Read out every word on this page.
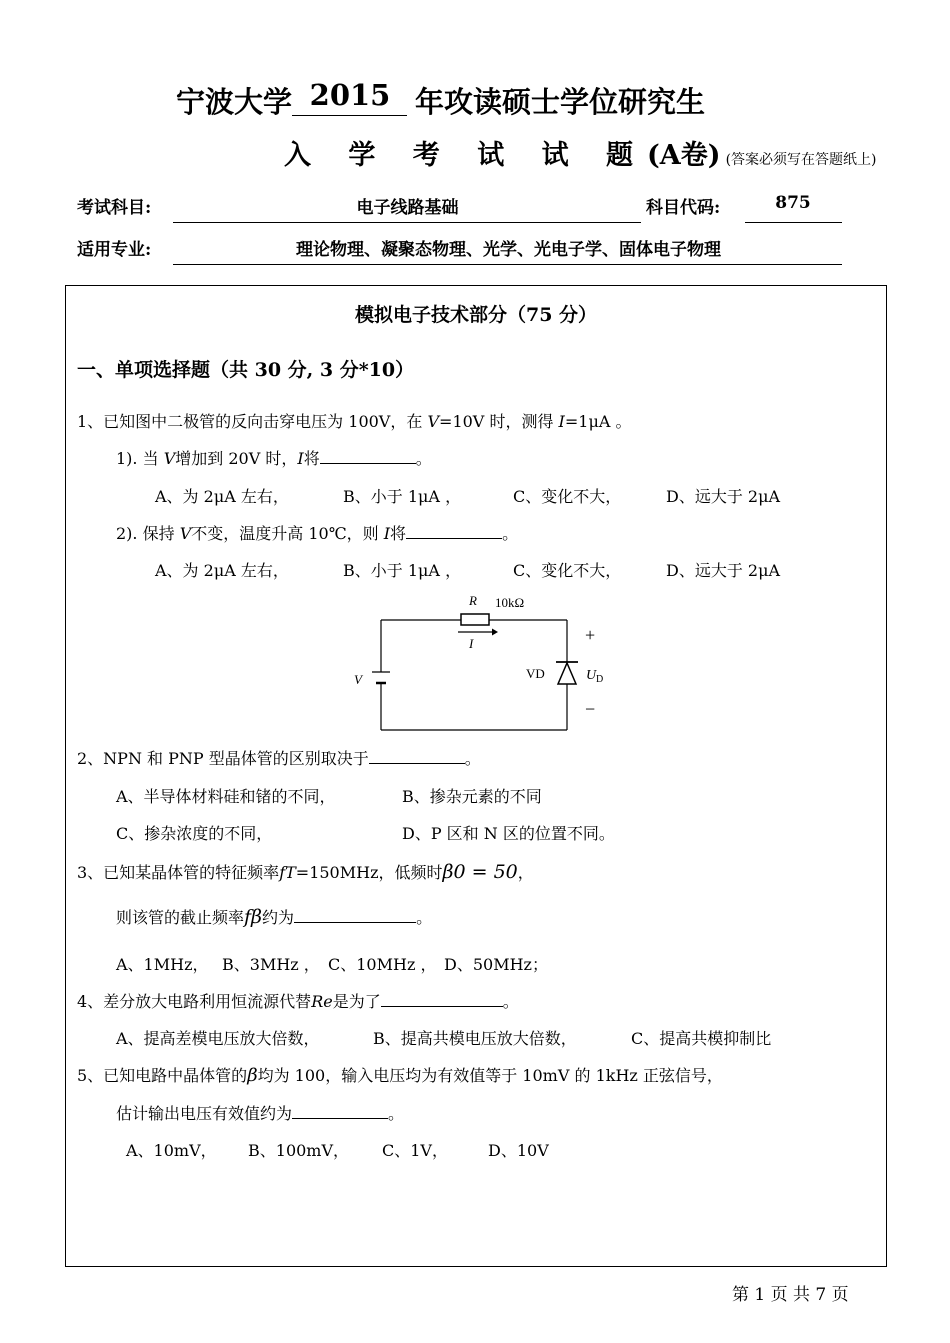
宁波大学 2015 年攻读硕士学位研究生
入 学 考 试 试 题(A卷) (答案必须写在答题纸上)
考试科目:	电子线路基础	科目代码:	875
适用专业:	理论物理、凝聚态物理、光学、光电子学、固体电子物理
模拟电子技术部分（75 分）
一、单项选择题（共 30 分, 3 分*10）
1、已知图中二极管的反向击穿电压为 100V，在 V=10V 时，测得 I=1μA 。
1). 当 V增加到 20V 时，I将	。
A、为 2μA 左右，	B、小于 1μA ，	C、变化不大，	D、远大于 2μA
2). 保持 V不变，温度升高 10℃，则 I将	。
A、为 2μA 左右，	B、小于 1μA ，	C、变化不大，	D、远大于 2μA
R 10kΩ
I
V	VD	U D
+
−
2、NPN 和 PNP 型晶体管的区别取决于	。
A、半导体材料硅和锗的不同，	B、掺杂元素的不同
C、掺杂浓度的不同，	D、P 区和 N 区的位置不同。
3、已知某晶体管的特征频率fT=150MHz，低频时β0 = 50，
则该管的截止频率fβ约为	。
A、1MHz， B、3MHz ， C、10MHz ， D、50MHz；
4、差分放大电路利用恒流源代替Re是为了	。
A、提高差模电压放大倍数，	B、提高共模电压放大倍数，	C、提高共模抑制比
5、已知电路中晶体管的β均为 100，输入电压均为有效值等于 10mV 的 1kHz 正弦信号，
估计输出电压有效值约为	。
A、10mV， B、100mV， C、1V，	D、10V
第 1 页 共 7 页
